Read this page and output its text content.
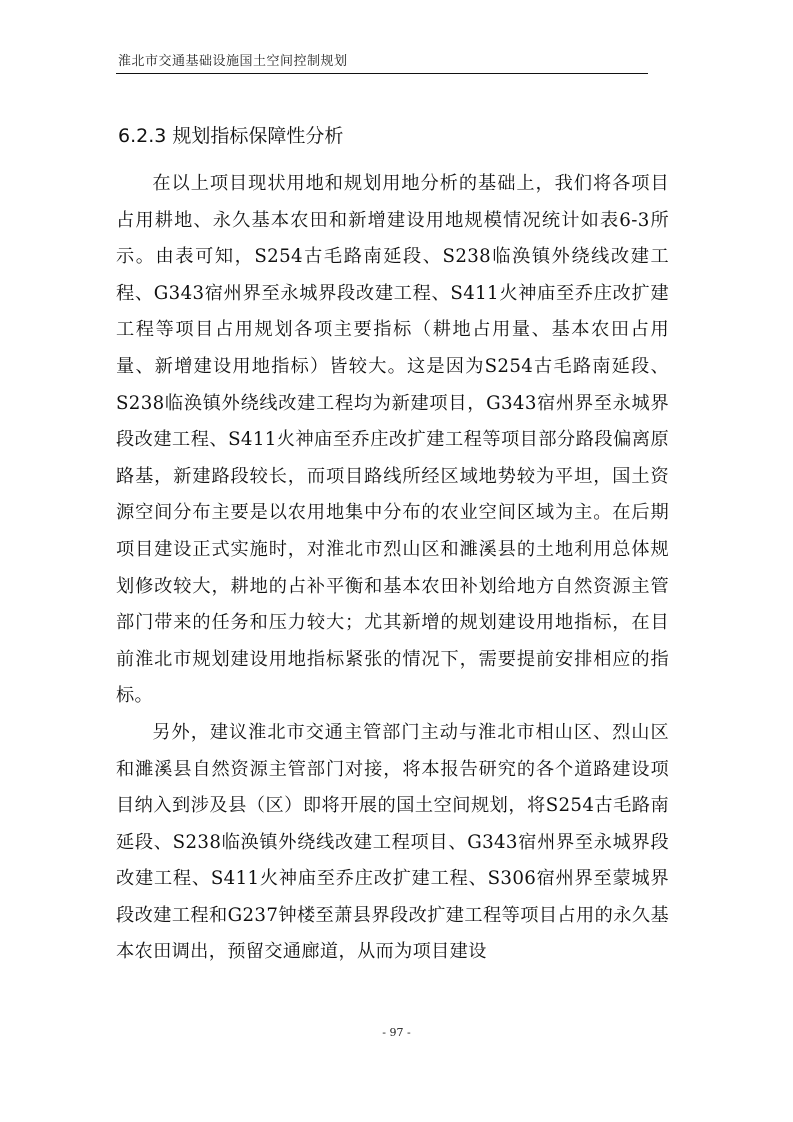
淮北市交通基础设施国土空间控制规划
6.2.3 规划指标保障性分析

在以上项目现状用地和规划用地分析的基础上，我们将各项目占用耕地、永久基本农田和新增建设用地规模情况统计如表6-3所示。由表可知，S254古毛路南延段、S238临涣镇外绕线改建工程、G343宿州界至永城界段改建工程、S411火神庙至乔庄改扩建工程等项目占用规划各项主要指标（耕地占用量、基本农田占用量、新增建设用地指标）皆较大。这是因为S254古毛路南延段、S238临涣镇外绕线改建工程均为新建项目，G343宿州界至永城界段改建工程、S411火神庙至乔庄改扩建工程等项目部分路段偏离原路基，新建路段较长，而项目路线所经区域地势较为平坦，国土资源空间分布主要是以农用地集中分布的农业空间区域为主。在后期项目建设正式实施时，对淮北市烈山区和濉溪县的土地利用总体规划修改较大，耕地的占补平衡和基本农田补划给地方自然资源主管部门带来的任务和压力较大；尤其新增的规划建设用地指标，在目前淮北市规划建设用地指标紧张的情况下，需要提前安排相应的指标。

另外，建议淮北市交通主管部门主动与淮北市相山区、烈山区和濉溪县自然资源主管部门对接，将本报告研究的各个道路建设项目纳入到涉及县（区）即将开展的国土空间规划，将S254古毛路南延段、S238临涣镇外绕线改建工程项目、G343宿州界至永城界段改建工程、S411火神庙至乔庄改扩建工程、S306宿州界至蒙城界段改建工程和G237钟楼至萧县界段改扩建工程等项目占用的永久基本农田调出，预留交通廊道，从而为项目建设

- 97 -
